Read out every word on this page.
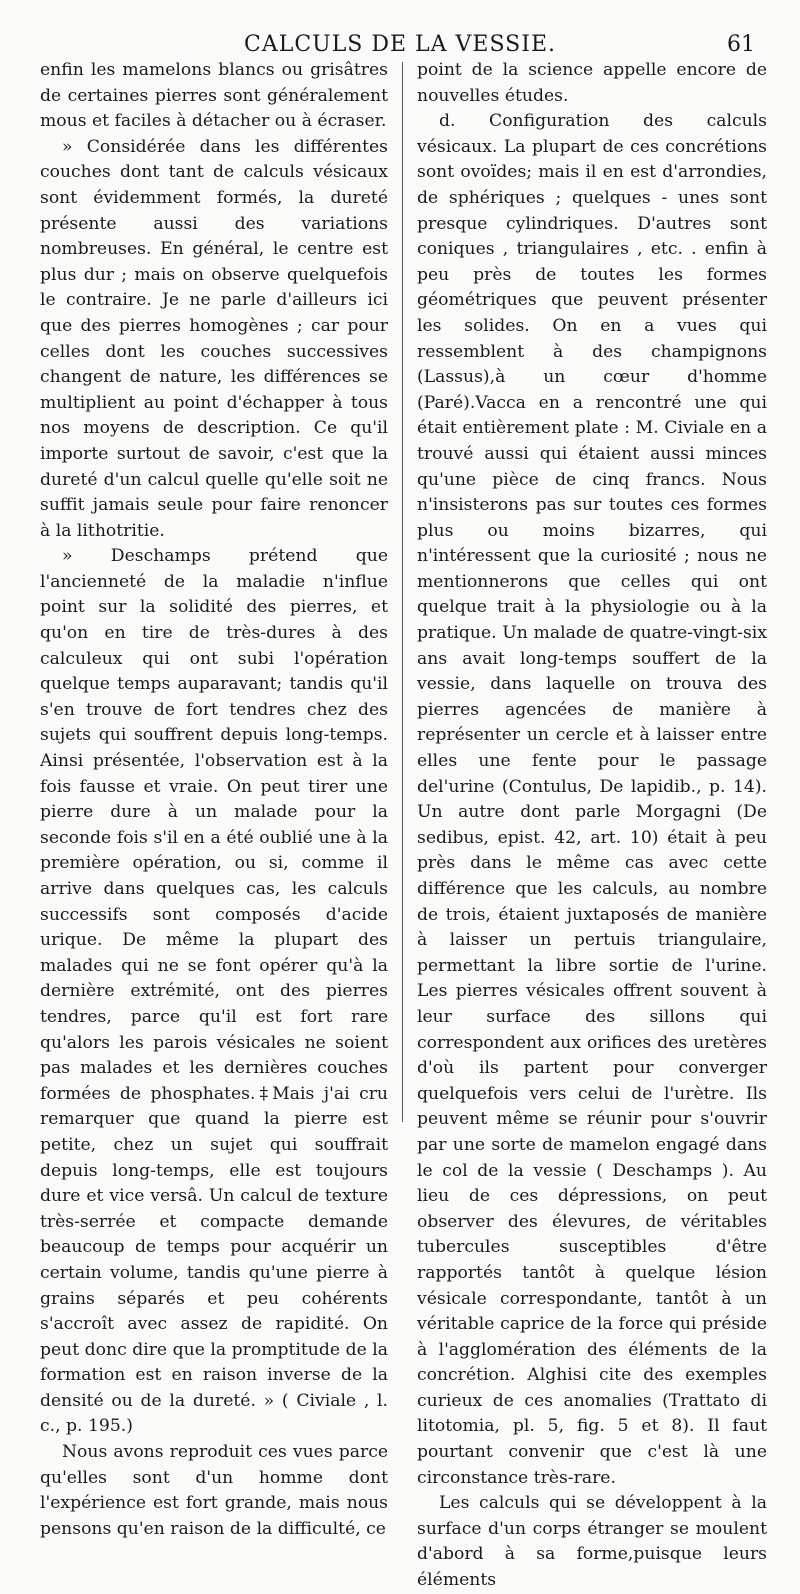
CALCULS DE LA VESSIE.	61

enfin les mamelons blancs ou grisâtres de certaines pierres sont généralement mous et faciles à détacher ou à écraser.

» Considérée dans les différentes couches dont tant de calculs vésicaux sont évidemment formés, la dureté présente aussi des variations nombreuses. En général, le centre est plus dur ; mais on observe quelquefois le contraire. Je ne parle d'ailleurs ici que des pierres homogènes ; car pour celles dont les couches successives changent de nature, les différences se multiplient au point d'échapper à tous nos moyens de description. Ce qu'il importe surtout de savoir, c'est que la dureté d'un calcul quelle qu'elle soit ne suffit jamais seule pour faire renoncer à la lithotritie.

» Deschamps prétend que l'ancienneté de la maladie n'influe point sur la solidité des pierres, et qu'on en tire de très-dures à des calculeux qui ont subi l'opération quelque temps auparavant; tandis qu'il s'en trouve de fort tendres chez des sujets qui souffrent depuis long-temps. Ainsi présentée, l'observation est à la fois fausse et vraie. On peut tirer une pierre dure à un malade pour la seconde fois s'il en a été oublié une à la première opération, ou si, comme il arrive dans quelques cas, les calculs successifs sont composés d'acide urique. De même la plupart des malades qui ne se font opérer qu'à la dernière extrémité, ont des pierres tendres, parce qu'il est fort rare qu'alors les parois vésicales ne soient pas malades et les dernières couches formées de phosphates.‡Mais j'ai cru remarquer que quand la pierre est petite, chez un sujet qui souffrait depuis long-temps, elle est toujours dure et vice versâ. Un calcul de texture très-serrée et compacte demande beaucoup de temps pour acquérir un certain volume, tandis qu'une pierre à grains séparés et peu cohérents s'accroît avec assez de rapidité. On peut donc dire que la promptitude de la formation est en raison inverse de la densité ou de la dureté. » ( Civiale , l. c., p. 195.)

Nous avons reproduit ces vues parce qu'elles sont d'un homme dont l'expérience est fort grande, mais nous pensons qu'en raison de la difficulté, ce

point de la science appelle encore de nouvelles études.

d. Configuration des calculs vésicaux. La plupart de ces concrétions sont ovoïdes; mais il en est d'arrondies, de sphériques ; quelques - unes sont presque cylindriques. D'autres sont coniques , triangulaires , etc. . enfin à peu près de toutes les formes géométriques que peuvent présenter les solides. On en a vues qui ressemblent à des champignons (Lassus),à un cœur d'homme (Paré).Vacca en a rencontré une qui était entièrement plate : M. Civiale en a trouvé aussi qui étaient aussi minces qu'une pièce de cinq francs. Nous n'insisterons pas sur toutes ces formes plus ou moins bizarres, qui n'intéressent que la curiosité ; nous ne mentionnerons que celles qui ont quelque trait à la physiologie ou à la pratique. Un malade de quatre-vingt-six ans avait long-temps souffert de la vessie, dans laquelle on trouva des pierres agencées de manière à représenter un cercle et à laisser entre elles une fente pour le passage del'urine (Contulus, De lapidib., p. 14). Un autre dont parle Morgagni (De sedibus, epist. 42, art. 10) était à peu près dans le même cas avec cette différence que les calculs, au nombre de trois, étaient juxtaposés de manière à laisser un pertuis triangulaire, permettant la libre sortie de l'urine. Les pierres vésicales offrent souvent à leur surface des sillons qui correspondent aux orifices des uretères d'où ils partent pour converger quelquefois vers celui de l'urètre. Ils peuvent même se réunir pour s'ouvrir par une sorte de mamelon engagé dans le col de la vessie ( Deschamps ). Au lieu de ces dépressions, on peut observer des élevures, de véritables tubercules susceptibles d'être rapportés tantôt à quelque lésion vésicale correspondante, tantôt à un véritable caprice de la force qui préside à l'agglomération des éléments de la concrétion. Alghisi cite des exemples curieux de ces anomalies (Trattato di litotomia, pl. 5, fig. 5 et 8). Il faut pourtant convenir que c'est là une circonstance très-rare.

Les calculs qui se développent à la surface d'un corps étranger se moulent d'abord à sa forme,puisque leurs éléments
